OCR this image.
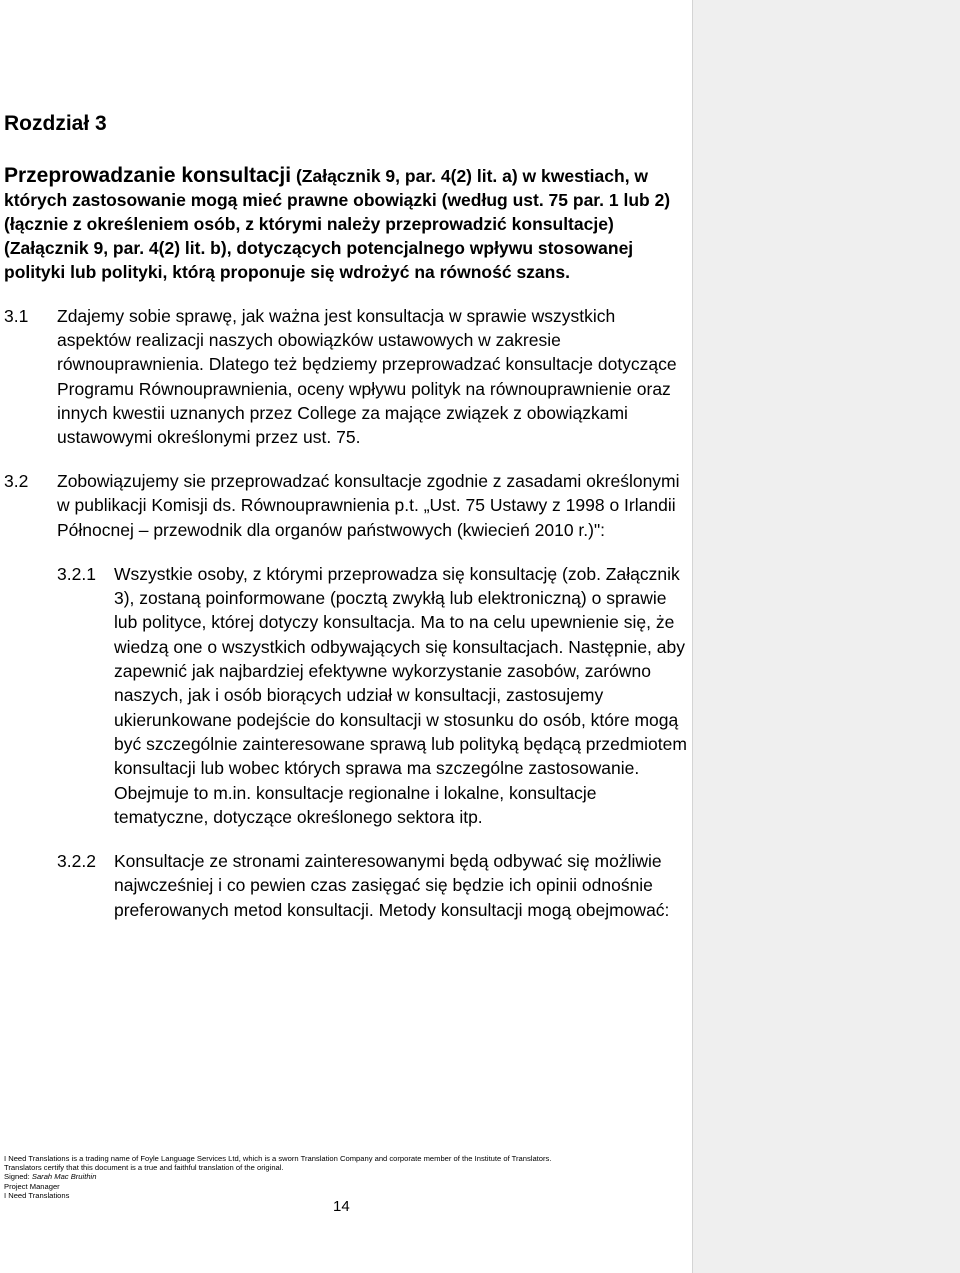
Rozdział 3

Przeprowadzanie konsultacji (Załącznik 9, par. 4(2) lit. a) w kwestiach, w których zastosowanie mogą mieć prawne obowiązki (według ust. 75 par. 1 lub 2) (łącznie z określeniem osób, z którymi należy przeprowadzić konsultacje) (Załącznik 9, par. 4(2) lit. b), dotyczących potencjalnego wpływu stosowanej polityki lub polityki, którą proponuje się wdrożyć na równość szans.

3.1	Zdajemy sobie sprawę, jak ważna jest konsultacja w sprawie wszystkich aspektów realizacji naszych obowiązków ustawowych w zakresie równouprawnienia. Dlatego też będziemy przeprowadzać konsultacje dotyczące Programu Równouprawnienia, oceny wpływu polityk na równouprawnienie oraz innych kwestii uznanych przez College za mające związek z obowiązkami ustawowymi określonymi przez ust. 75.
3.2	Zobowiązujemy sie przeprowadzać konsultacje zgodnie z zasadami określonymi w publikacji Komisji ds. Równouprawnienia p.t. „Ust. 75 Ustawy z 1998 o Irlandii Północnej – przewodnik dla organów państwowych (kwiecień 2010 r.)":
3.2.1	Wszystkie osoby, z którymi przeprowadza się konsultację (zob. Załącznik 3), zostaną poinformowane (pocztą zwykłą lub elektroniczną) o sprawie lub polityce, której dotyczy konsultacja. Ma to na celu upewnienie się, że wiedzą one o wszystkich odbywających się konsultacjach. Następnie, aby zapewnić jak najbardziej efektywne wykorzystanie zasobów, zarówno naszych, jak i osób biorących udział w konsultacji, zastosujemy ukierunkowane podejście do konsultacji w stosunku do osób, które mogą być szczególnie zainteresowane sprawą lub polityką będącą przedmiotem konsultacji lub wobec których sprawa ma szczególne zastosowanie. Obejmuje to m.in. konsultacje regionalne i lokalne, konsultacje tematyczne, dotyczące określonego sektora itp.
3.2.2	Konsultacje ze stronami zainteresowanymi będą odbywać się możliwie najwcześniej i co pewien czas zasięgać się będzie ich opinii odnośnie preferowanych metod konsultacji. Metody konsultacji mogą obejmować:
I Need Translations is a trading name of Foyle Language Services Ltd, which is a sworn Translation Company and corporate member of the Institute of Translators.
Translators certify that this document is a true and faithful translation of the original.
Signed: Sarah Mac Bruithin
Project Manager
I Need Translations
14
